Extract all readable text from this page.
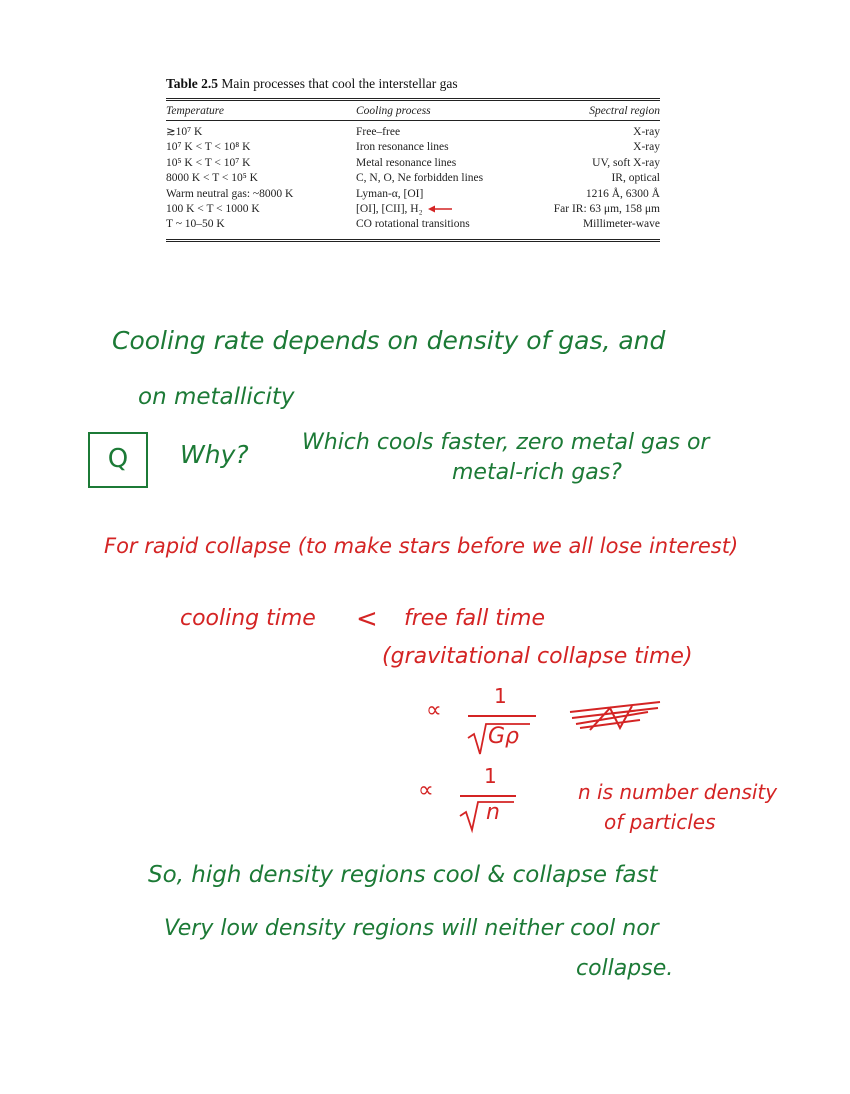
Table 2.5 Main processes that cool the interstellar gas
Temperature	Cooling process	Spectral region

≳10⁷ K	Free–free	X-ray
10⁷ K < T < 10⁸ K	Iron resonance lines	X-ray
10⁵ K < T < 10⁷ K	Metal resonance lines	UV, soft X-ray
8000 K < T < 10⁵ K	C, N, O, Ne forbidden lines	IR, optical
Warm neutral gas: ~8000 K	Lyman-α, [OI]	1216 Å, 6300 Å
100 K < T < 1000 K	[OI], [CII], H₂	Far IR: 63 μm, 158 μm
T ~ 10–50 K	CO rotational transitions	Millimeter-wave
Cooling rate depends on density of gas, and
on metallicity
Q	Why? Which cools faster, zero metal gas or
metal-rich gas?
For rapid collapse (to make stars before we all lose interest)
cooling time < free fall time
(gravitational collapse time)
∝
1
Gρ
∝
1
n
n is number density
of particles
So, high density regions cool & collapse fast
Very low density regions will neither cool nor
collapse.
